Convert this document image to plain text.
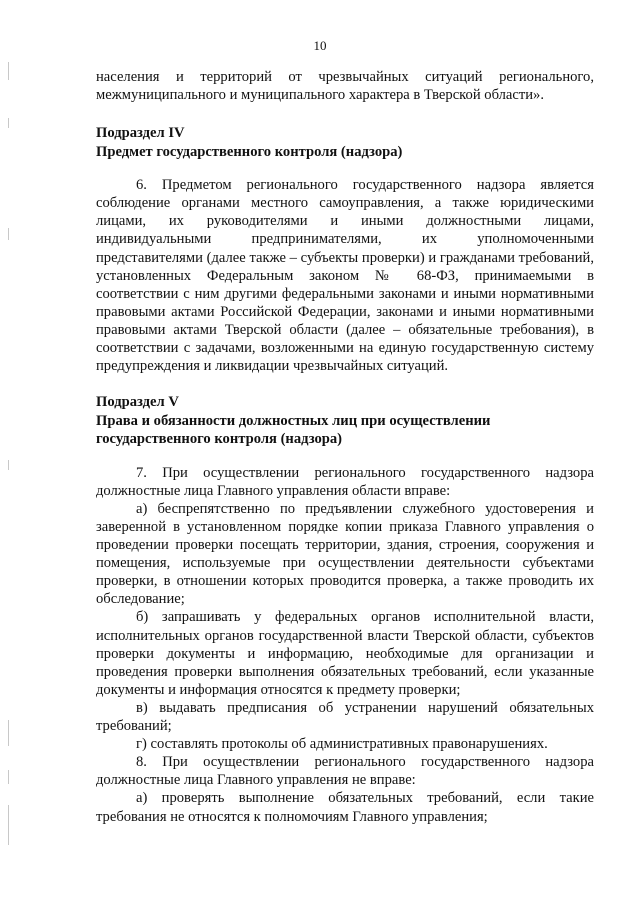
10

населения и территорий от чрезвычайных ситуаций регионального, межмуниципального и муниципального характера в Тверской области».

Подраздел IV

Предмет государственного контроля (надзора)

6. Предметом регионального государственного надзора является соблюдение органами местного самоуправления, а также юридическими лицами, их руководителями и иными должностными лицами, индивидуальными предпринимателями, их уполномоченными представителями (далее также – субъекты проверки) и гражданами требований, установленных Федеральным законом № 68-ФЗ, принимаемыми в соответствии с ним другими федеральными законами и иными нормативными правовыми актами Российской Федерации, законами и иными нормативными правовыми актами Тверской области (далее – обязательные требования), в соответствии с задачами, возложенными на единую государственную систему предупреждения и ликвидации чрезвычайных ситуаций.

Подраздел V

Права и обязанности должностных лиц при осуществлении

государственного контроля (надзора)

7. При осуществлении регионального государственного надзора должностные лица Главного управления области вправе:

а) беспрепятственно по предъявлении служебного удостоверения и заверенной в установленном порядке копии приказа Главного управления о проведении проверки посещать территории, здания, строения, сооружения и помещения, используемые при осуществлении деятельности субъектами проверки, в отношении которых проводится проверка, а также проводить их обследование;

б) запрашивать у федеральных органов исполнительной власти, исполнительных органов государственной власти Тверской области, субъектов проверки документы и информацию, необходимые для организации и проведения проверки выполнения обязательных требований, если указанные документы и информация относятся к предмету проверки;

в) выдавать предписания об устранении нарушений обязательных требований;

г) составлять протоколы об административных правонарушениях.

8. При осуществлении регионального государственного надзора должностные лица Главного управления не вправе:

а) проверять выполнение обязательных требований, если такие требования не относятся к полномочиям Главного управления;
